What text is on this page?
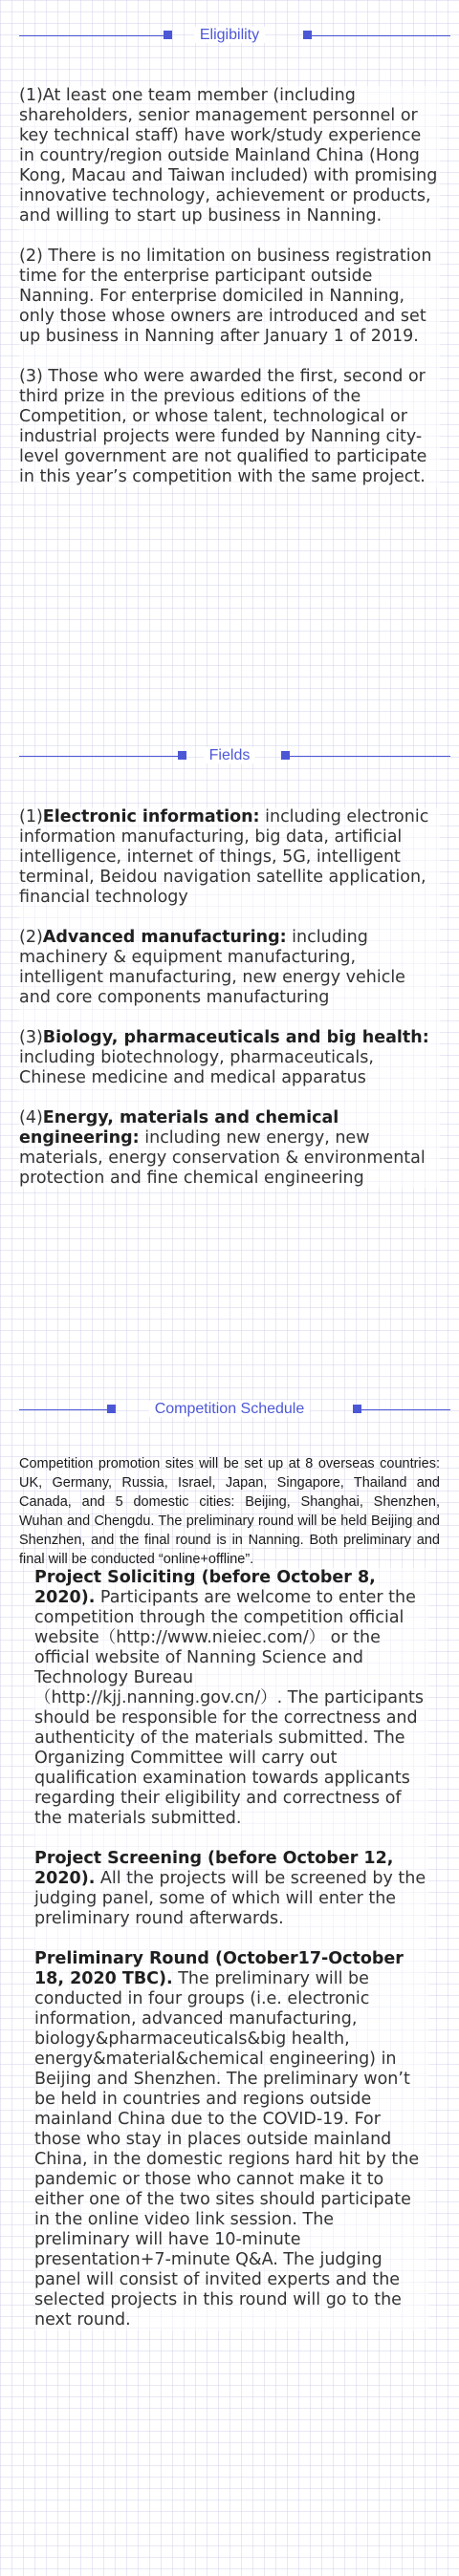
Eligibility

(1)At least one team member (including shareholders, senior management personnel or key technical staff) have work/study experience in country/region outside Mainland China (Hong Kong, Macau and Taiwan included) with promising innovative technology, achievement or products, and willing to start up business in Nanning.

(2) There is no limitation on business registration time for the enterprise participant outside Nanning. For enterprise domiciled in Nanning, only those whose owners are introduced and set up business in Nanning after January 1 of 2019.

(3) Those who were awarded the first, second or third prize in the previous editions of the Competition, or whose talent, technological or industrial projects were funded by Nanning city-level government are not qualified to participate in this year’s competition with the same project.

Fields

(1)Electronic information: including electronic information manufacturing, big data, artificial intelligence, internet of things, 5G, intelligent terminal, Beidou navigation satellite application, financial technology

(2)Advanced manufacturing: including machinery & equipment manufacturing, intelligent manufacturing, new energy vehicle and core components manufacturing

(3)Biology, pharmaceuticals and big health: including biotechnology, pharmaceuticals, Chinese medicine and medical apparatus

(4)Energy, materials and chemical engineering: including new energy, new materials, energy conservation & environmental protection and fine chemical engineering

Competition Schedule

Competition promotion sites will be set up at 8 overseas countries: UK, Germany, Russia, Israel, Japan, Singapore, Thailand and Canada, and 5 domestic cities: Beijing, Shanghai, Shenzhen, Wuhan and Chengdu. The preliminary round will be held Beijing and Shenzhen, and the final round is in Nanning. Both preliminary and final will be conducted “online+offline”.

Project Soliciting (before October 8, 2020). Participants are welcome to enter the competition through the competition official website（http://www.nieiec.com/） or the official website of Nanning Science and Technology Bureau（http://kjj.nanning.gov.cn/）. The participants should be responsible for the correctness and authenticity of the materials submitted. The Organizing Committee will carry out qualification examination towards applicants regarding their eligibility and correctness of the materials submitted.

Project Screening (before October 12, 2020). All the projects will be screened by the judging panel, some of which will enter the preliminary round afterwards.

Preliminary Round (October17-October 18, 2020 TBC). The preliminary will be conducted in four groups (i.e. electronic information, advanced manufacturing, biology&pharmaceuticals&big health, energy&material&chemical engineering) in Beijing and Shenzhen. The preliminary won’t be held in countries and regions outside mainland China due to the COVID-19. For those who stay in places outside mainland China, in the domestic regions hard hit by the pandemic or those who cannot make it to either one of the two sites should participate in the online video link session. The preliminary will have 10-minute presentation+7-minute Q&A. The judging panel will consist of invited experts and the selected projects in this round will go to the next round.
